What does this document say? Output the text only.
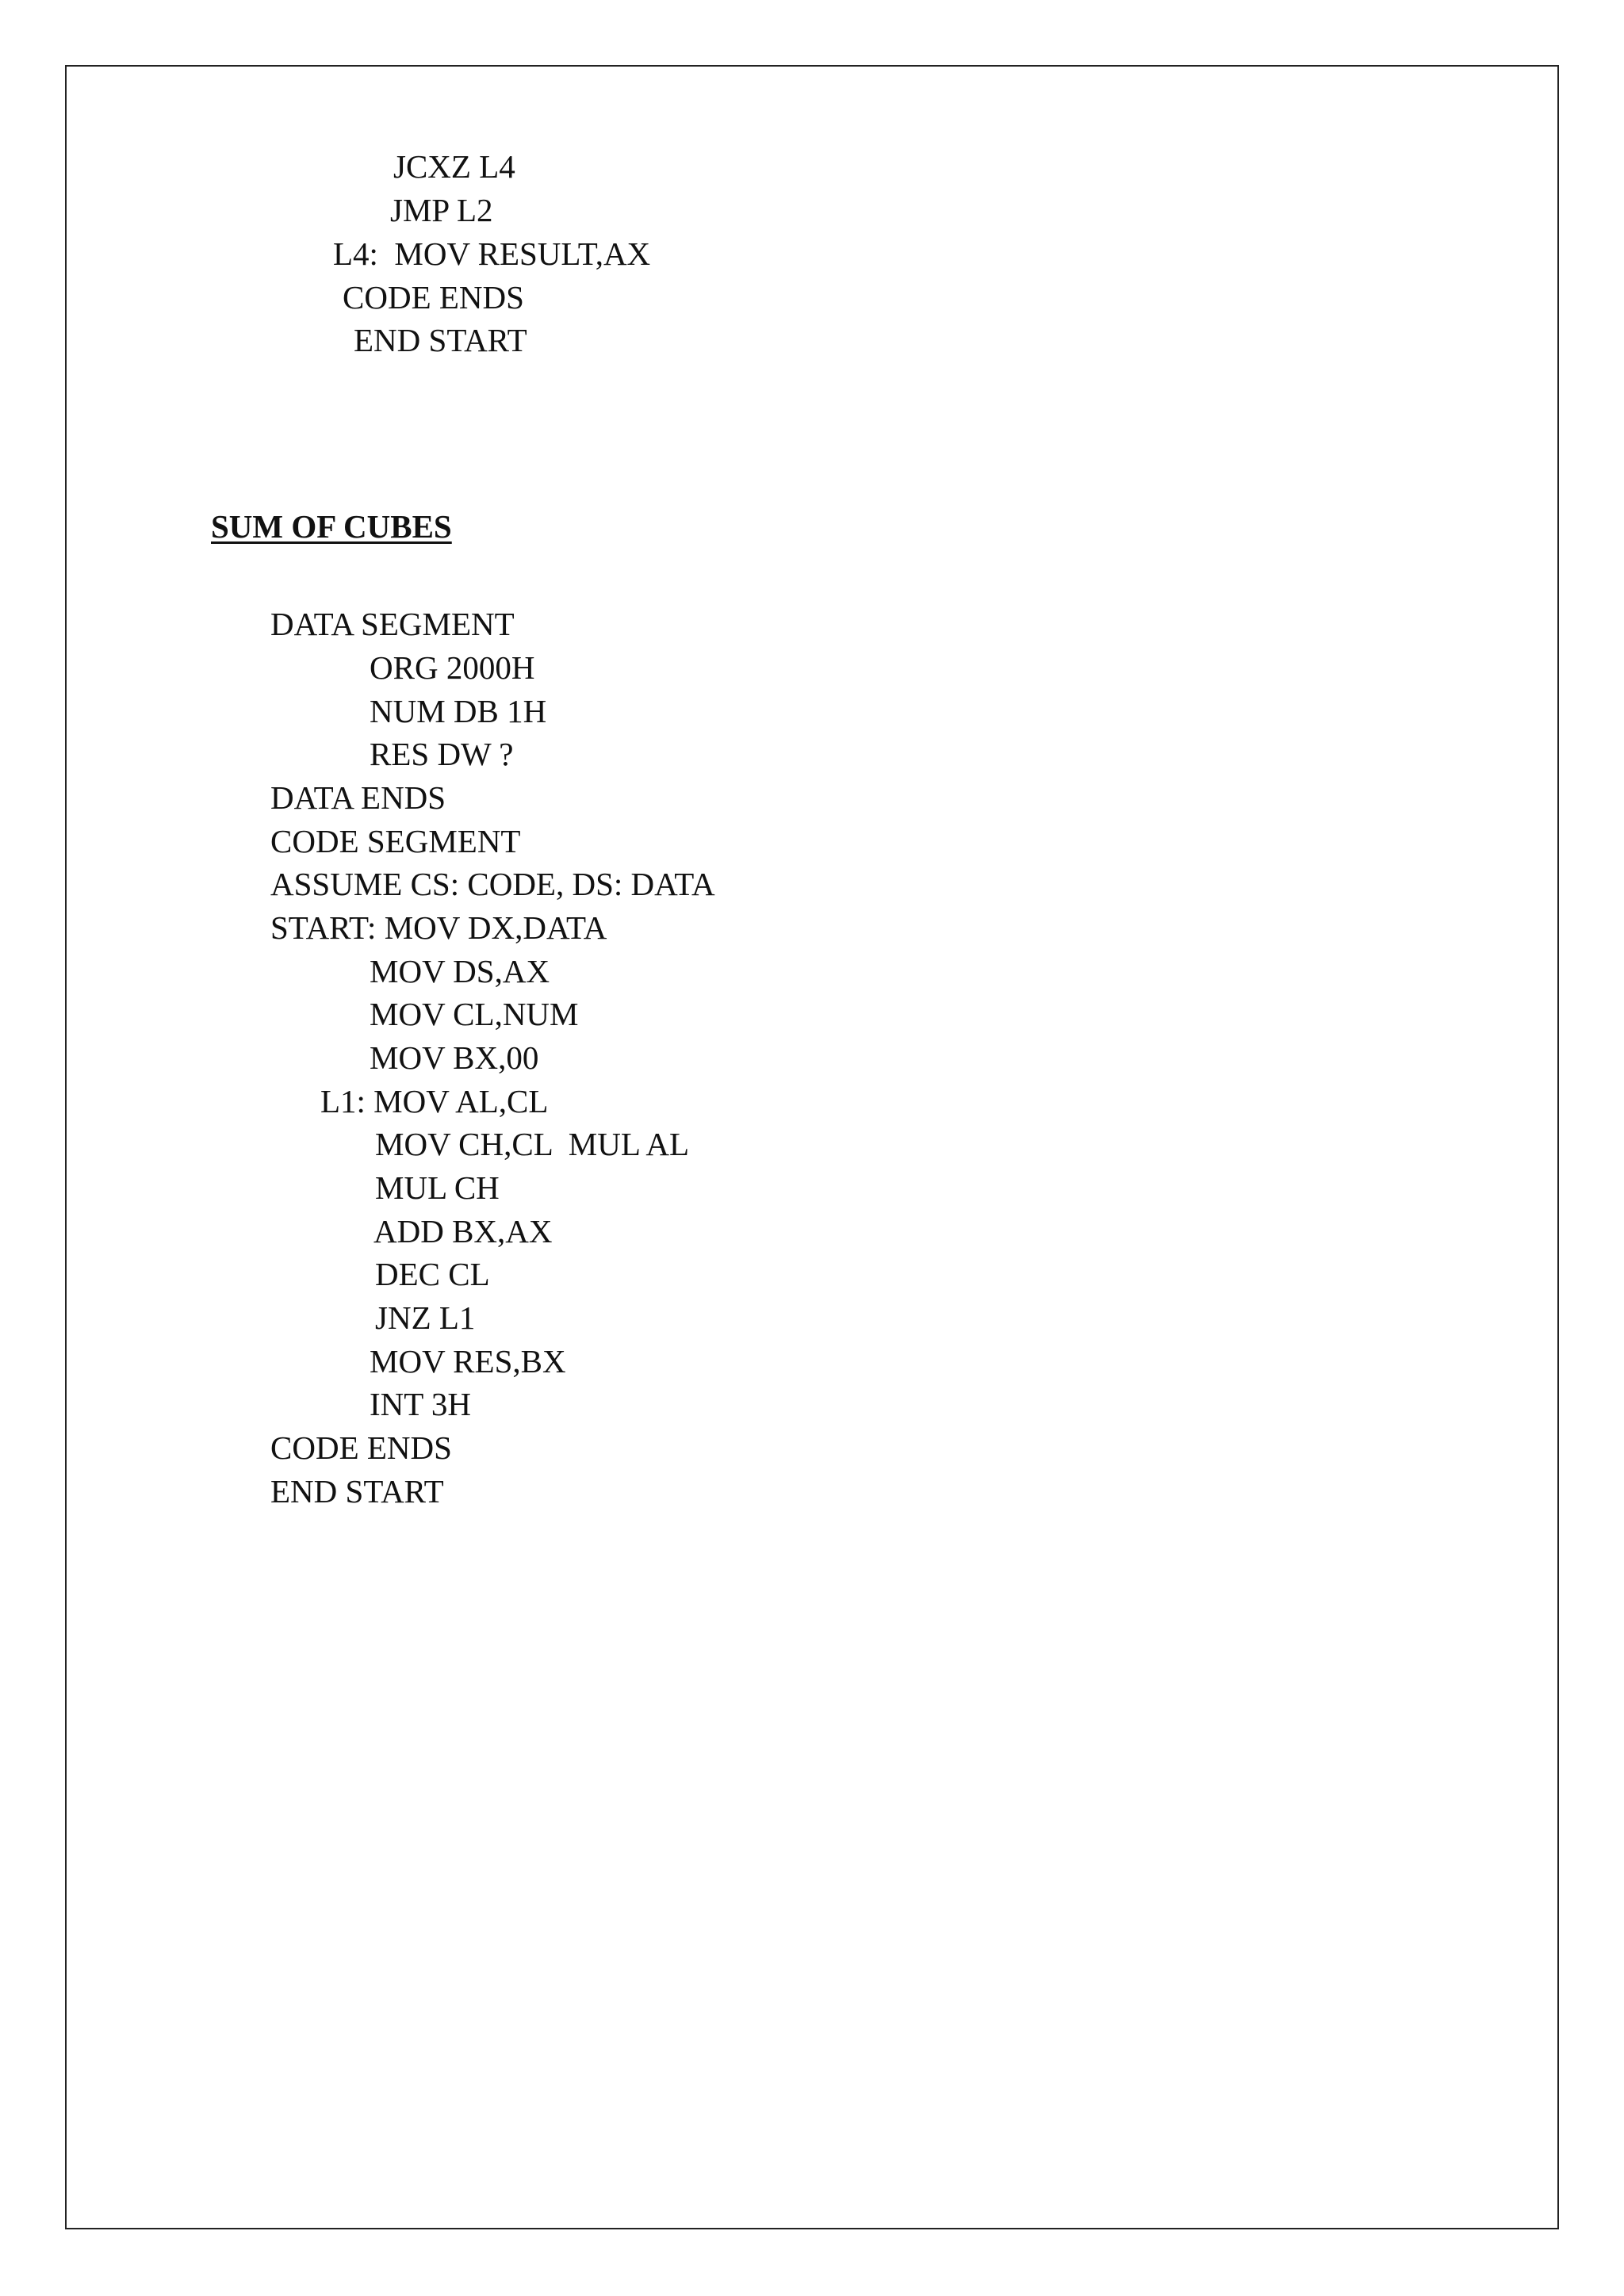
JCXZ L4

JMP L2

L4:  MOV RESULT,AX

CODE ENDS

END START

SUM OF CUBES

DATA SEGMENT

ORG 2000H

NUM DB 1H

RES DW ?

DATA ENDS

CODE SEGMENT

ASSUME CS: CODE, DS: DATA

START: MOV DX,DATA

MOV DS,AX

MOV CL,NUM

MOV BX,00

L1: MOV AL,CL

MOV CH,CL  MUL AL

MUL CH

ADD BX,AX

DEC CL

JNZ L1

MOV RES,BX

INT 3H

CODE ENDS

END START
